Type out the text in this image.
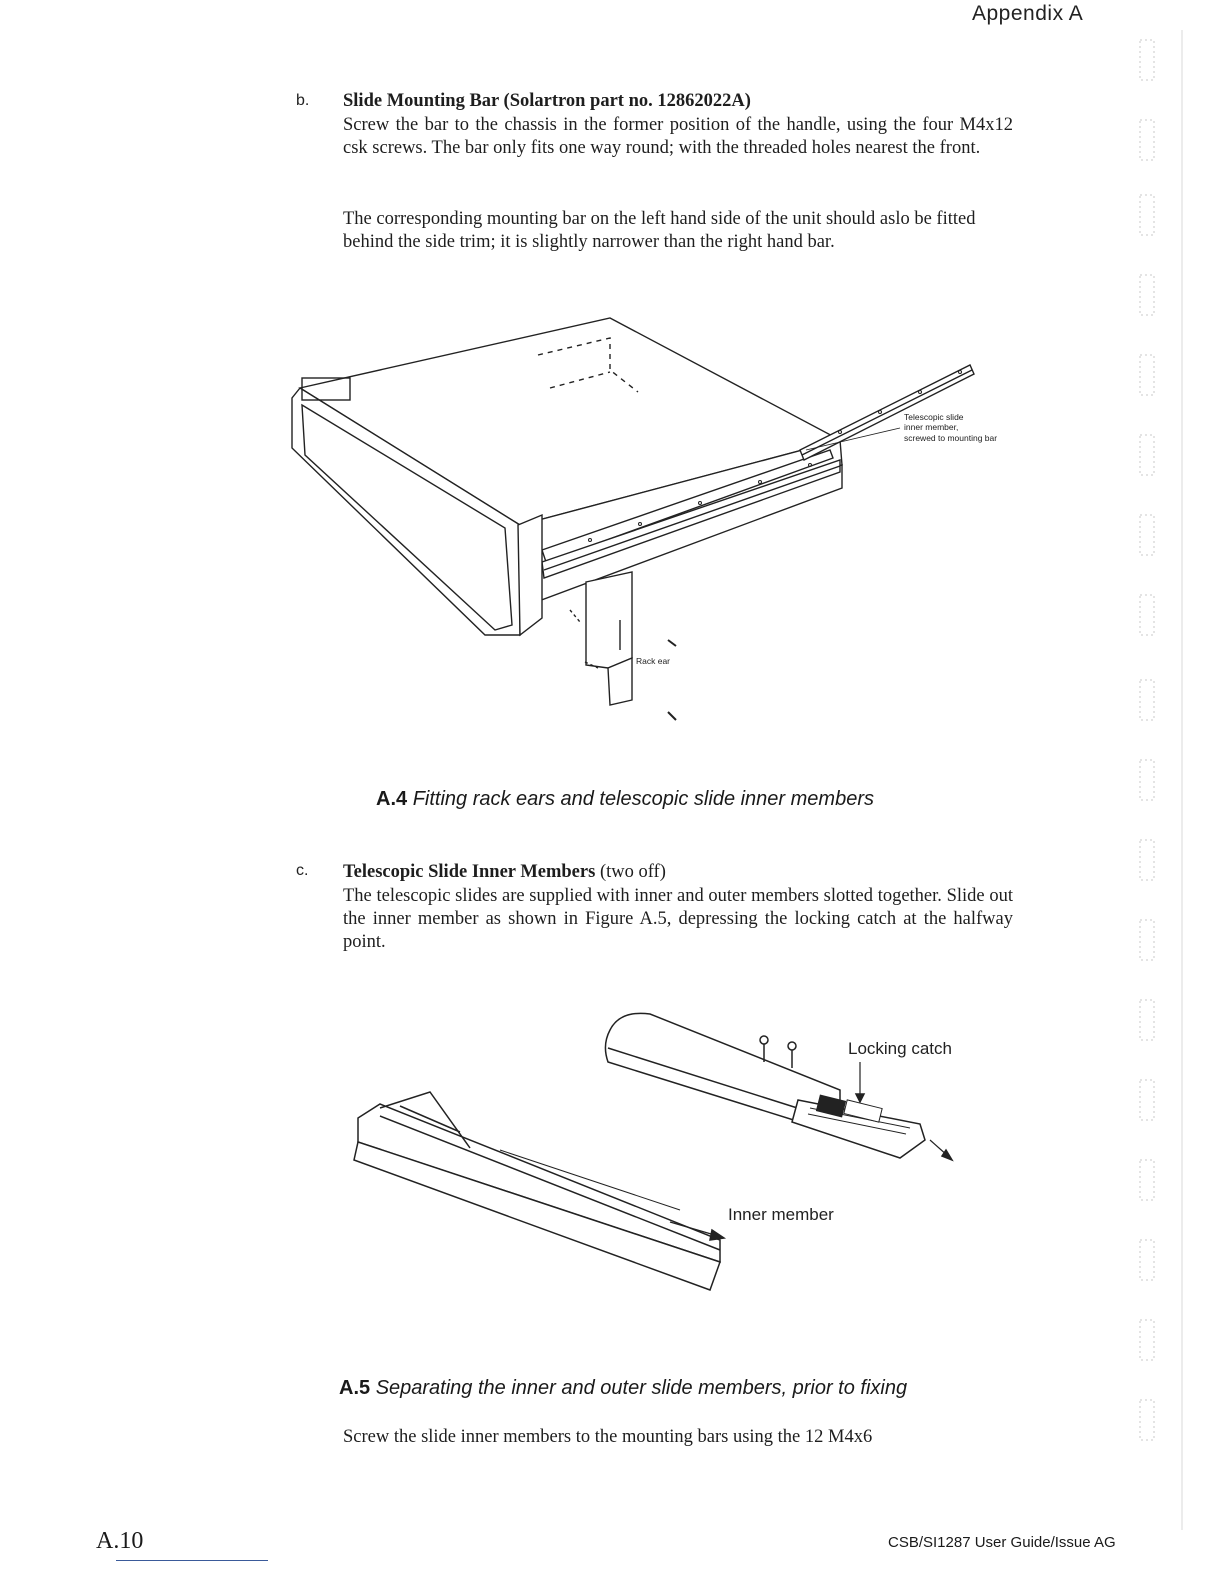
Appendix A
b. Slide Mounting Bar (Solartron part no. 12862022A)
Screw the bar to the chassis in the former position of the handle, using the four M4x12 csk screws. The bar only fits one way round; with the threaded holes nearest the front.
The corresponding mounting bar on the left hand side of the unit should aslo be fitted behind the side trim; it is slightly narrower than the right hand bar.
Telescopic slide
inner member,
screwed to mounting bar
Rack ear
A.4 Fitting rack ears and telescopic slide inner members
c. Telescopic Slide Inner Members (two off)
The telescopic slides are supplied with inner and outer members slotted together. Slide out the inner member as shown in Figure A.5, depressing the locking catch at the halfway point.
Locking catch
Inner member
A.5 Separating the inner and outer slide members, prior to fixing
Screw the slide inner members to the mounting bars using the 12 M4x6
A.10	CSB/SI1287 User Guide/Issue AG
